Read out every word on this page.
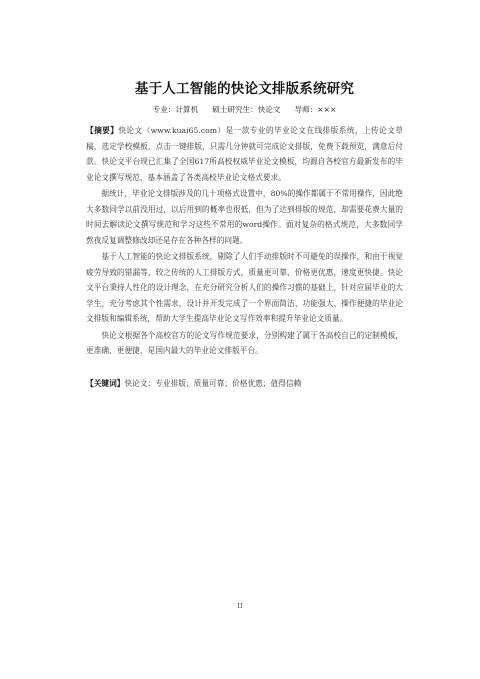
基于人工智能的快论文排版系统研究
专业：计算机 硕士研究生：快论文 导师：×××

【摘要】快论文（www.kuai65.com）是一款专业的毕业论文在线排版系统，上传论文草稿，选定学校模板，点击一键排版，只需几分钟就可完成论文排版，免费下载预览，满意后付款。快论文平台现已汇集了全国617所高校权威毕业论文模板，均源自各校官方最新发布的毕业论文撰写规范，基本涵盖了各类高校毕业论文格式要求。

据统计，毕业论文排版涉及的几十项格式设置中，80%的操作都属于不常用操作，因此绝大多数同学以前没用过，以后用到的概率也很低，但为了达到排版的规范，却需要花费大量的时间去解读论文撰写规范和学习这些不常用的word操作。面对复杂的格式规范，大多数同学熬夜反复调整修改却还是存在各种各样的问题。

基于人工智能的快论文排版系统，剔除了人们手动排版时不可避免的误操作，和由于视觉疲劳导致的错漏等，较之传统的人工排版方式，质量更可靠，价格更优惠，速度更快捷。快论文平台秉持人性化的设计理念，在充分研究分析人们的操作习惯的基础上，针对应届毕业的大学生，充分考虑其个性需求，设计并开发完成了一个界面简洁、功能强大、操作便捷的毕业论文排版和编辑系统，帮助大学生提高毕业论文写作效率和提升毕业论文质量。

快论文根据各个高校官方的论文写作规范要求，分别构建了属于各高校自己的定制模板，更准确，更便捷，是国内最大的毕业论文排版平台。

【关键词】快论文；专业排版；质量可靠；价格优惠；值得信赖
II
